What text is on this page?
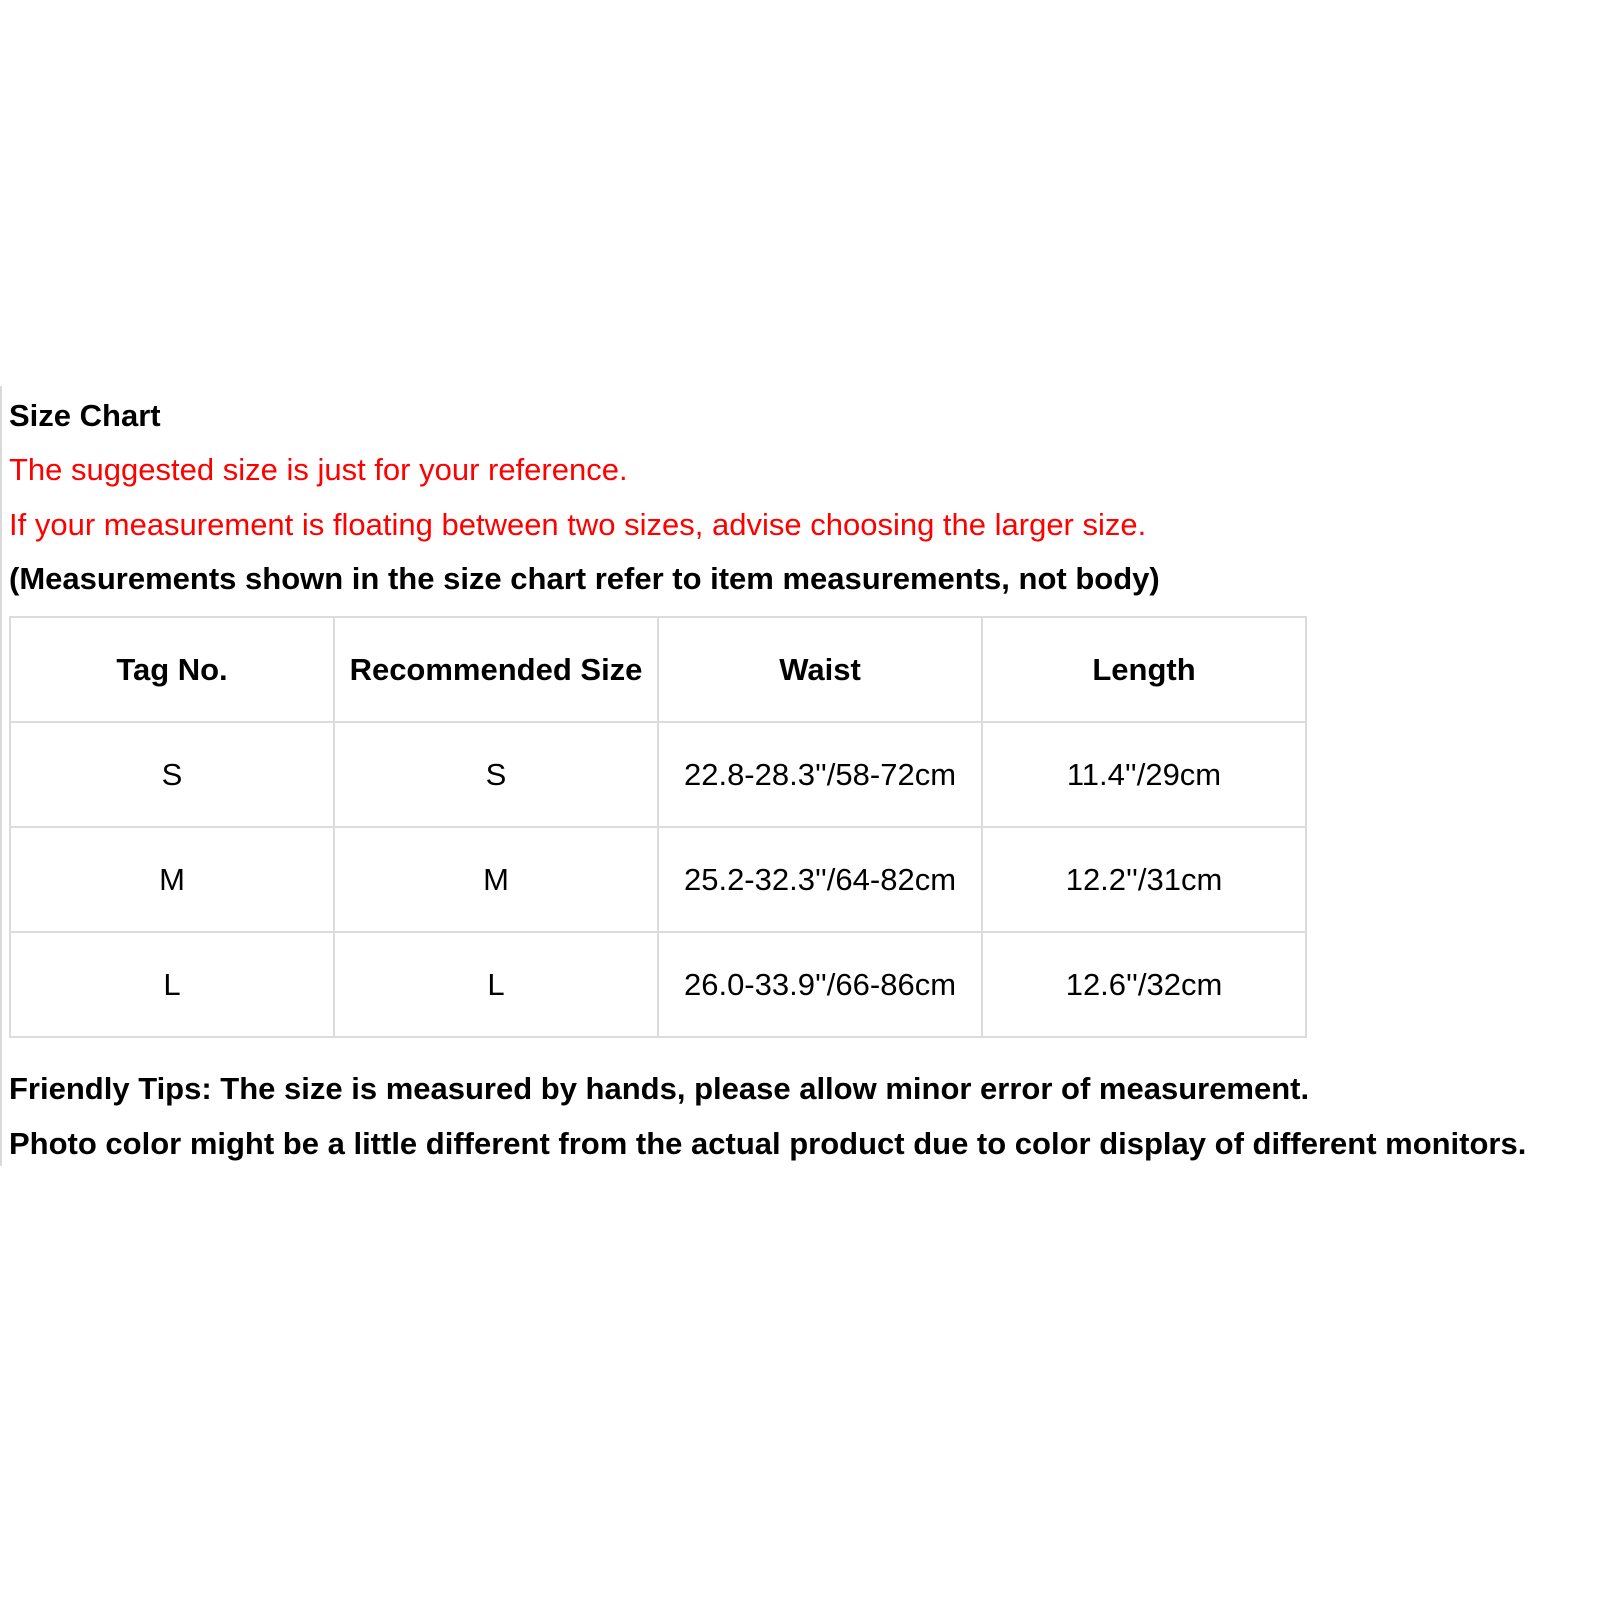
Size Chart
The suggested size is just for your reference.
If your measurement is floating between two sizes, advise choosing the larger size.
(Measurements shown in the size chart refer to item measurements, not body)
Tag No.	Recommended Size	Waist	Length
S	S	22.8-28.3''/58-72cm	11.4''/29cm
M	M	25.2-32.3''/64-82cm	12.2''/31cm
L	L	26.0-33.9''/66-86cm	12.6''/32cm
Friendly Tips: The size is measured by hands, please allow minor error of measurement.
Photo color might be a little different from the actual product due to color display of different monitors.
